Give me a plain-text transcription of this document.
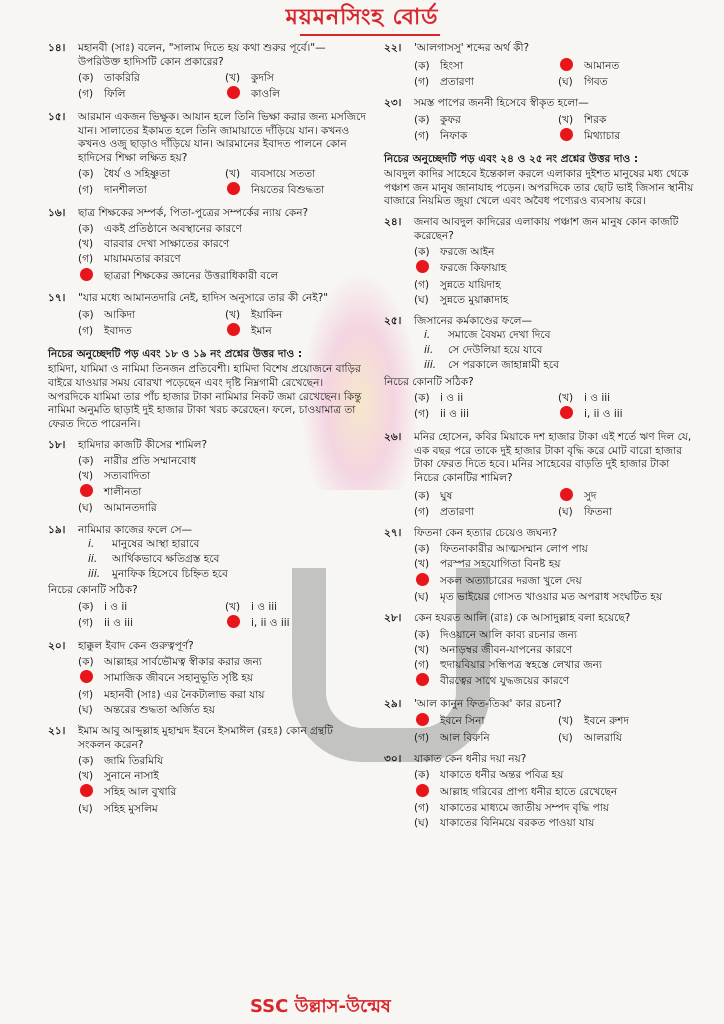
ময়মনসিংহ বোর্ড
১৪।	মহানবী (সাঃ) বলেন, "সালাম দিতে হয় কথা শুরুর পূর্বে।"—উপরিউক্ত হাদিসটি কোন প্রকারের?
(ক) তাকরিরি	(খ)	কুদসি
(গ)	ফিলি	কাওলি
১৫।	আরমান একজন ভিক্ষুক। আযান হলে তিনি ভিক্ষা করার জন্য মসজিদে যান। সালাতের ইকামত হলে তিনি জামায়াতে দাঁড়িয়ে যান। কখনও কখনও ওজু ছাড়াও দাঁড়িয়ে যান। আরমানের ইবাদত পালনে কোন হাদিসের শিক্ষা লক্ষিত হয়?
(ক) ধৈর্য ও সহিষ্ণুতা	(খ)	ব্যবসায়ে সততা
(গ)	দানশীলতা	নিয়তের বিশুদ্ধতা
১৬।	ছাত্র শিক্ষকের সম্পর্ক, পিতা-পুত্রের সম্পর্কের ন্যায় কেন?
(ক) একই প্রতিষ্ঠানে অবস্থানের কারণে
(খ)	বারবার দেখা সাক্ষাতের কারণে
(গ)	মায়ামমতার কারণে
ছাত্ররা শিক্ষকের জ্ঞানের উত্তরাধিকারী বলে
১৭।	"যার মধ্যে আমানতদারি নেই, হাদিস অনুসারে তার কী নেই?"
(ক) আকিদা	(খ)	ইয়াকিন
(গ)	ইবাদত	ইমান
নিচের অনুচ্ছেদটি পড় এবং ১৮ ও ১৯ নং প্রশ্নের উত্তর দাও :
হামিদা, যামিমা ও নামিমা তিনজন প্রতিবেশী। হামিদা বিশেষ প্রয়োজনে বাড়ির বাইরে যাওয়ার সময় বোরখা পড়েছেন এবং দৃষ্টি নিম্নগামী রেখেছেন। অপরদিকে যামিমা তার পাঁচ হাজার টাকা নামিমার নিকট জমা রেখেছেন। কিন্তু নামিমা অনুমতি ছাড়াই দুই হাজার টাকা খরচ করেছেন। ফলে, চাওয়ামাত্র তা ফেরত দিতে পারেননি।
১৮।	হামিদার কাজটি কীসের শামিল?
(ক) নারীর প্রতি সম্মানবোধ
(খ)	সত্যবাদিতা
শালীনতা
(ঘ)	আমানতদারি
১৯।	নামিমার কাজের ফলে সে—
i.	মানুষের আস্থা হারাবে
ii.	আর্থিকভাবে ক্ষতিগ্রস্ত হবে
iii.	মুনাফিক হিসেবে চিহ্নিত হবে
নিচের কোনটি সঠিক?
(ক) i ও ii	(খ)	i ও iii
(গ)	ii ও iii	i, ii ও iii
২০।	হাক্কুল ইবাদ কেন গুরুত্বপূর্ণ?
(ক) আল্লাহর সার্বভৌমত্ব স্বীকার করার জন্য
সামাজিক জীবনে সহানুভূতি সৃষ্টি হয়
(গ)	মহানবী (সাঃ) এর নৈকট্যলাভ করা যায়
(ঘ)	অন্তরের শুদ্ধতা অর্জিত হয়
২১।	ইমাম আবু আব্দুল্লাহ মুহাম্মদ ইবনে ইসমাঈল (রহঃ) কোন গ্রন্থটি সংকলন করেন?
(ক) জামি তিরমিযি
(খ)	সুনানে নাসাই
সহিহ আল বুখারি
(ঘ)	সহিহ মুসলিম
২২।	'আলগাসসু' শব্দের অর্থ কী?
(ক) হিংসা	আমানত
(গ)	প্রতারণা	(ঘ)	গিবত
২৩।	সমস্ত পাপের জননী হিসেবে স্বীকৃত হলো—
(ক) কুফর	(খ)	শিরক
(গ)	নিফাক	মিথ্যাচার
নিচের অনুচ্ছেদটি পড় এবং ২৪ ও ২৫ নং প্রশ্নের উত্তর দাও :
আবদুল কাদির সাহেবে ইন্তেকাল করলে এলাকার দুইশত মানুষের মধ্য থেকে পঞ্চাশ জন মানুষ জানাযাহ পড়েন। অপরদিকে তার ছোট ভাই জিসান স্থানীয় বাজারে নিয়মিত জুয়া খেলে এবং অবৈধ পণ্যেরও ব্যবসায় করে।
২৪।	জনাব আবদুল কাদিরের এলাকায় পঞ্চাশ জন মানুষ কোন কাজটি করেছেন?
(ক) ফরজে আইন
ফরজে কিফায়াহ
(গ)	সুন্নতে যায়িদাহ
(ঘ)	সুন্নতে মুয়াক্কাদাহ
২৫।	জিসানের কর্মকাণ্ডের ফলে—
i.	সমাজে বৈষম্য দেখা দিবে
ii.	সে দেউলিয়া হয়ে যাবে
iii.	সে পরকালে জাহান্নামী হবে
নিচের কোনটি সঠিক?
(ক) i ও ii	(খ)	i ও iii
(গ)	ii ও iii	i, ii ও iii
২৬।	মনির হোসেন, কবির মিয়াকে দশ হাজার টাকা এই শর্তে ঋণ দিল যে, এক বছর পরে তাকে দুই হাজার টাকা বৃদ্ধি করে মোট বারো হাজার টাকা ফেরত দিতে হবে। মনির সাহেবের বাড়তি দুই হাজার টাকা নিচের কোনটির শামিল?
(ক) ঘুষ	সুদ
(গ)	প্রতারণা	(ঘ)	ফিতনা
২৭।	ফিতনা কেন হত্যার চেয়েও জঘন্য?
(ক) ফিতনাকারীর আত্মসম্মান লোপ পায়
(খ)	পরস্পর সহযোগিতা বিনষ্ট হয়
সকল অত্যাচারের দরজা খুলে দেয়
(ঘ)	মৃত ভাইয়ের গোসত খাওয়ার মত অপরাধ সংঘটিত হয়
২৮।	কেন হযরত আলি (রাঃ) কে আসাদুল্লাহ বলা হয়েছে?
(ক) দিওয়ানে আলি কাব্য রচনার জন্য
(খ)	অনাড়ম্বর জীবন-যাপনের কারণে
(গ)	হুদায়বিয়ার সন্ধিপত্র স্বহস্তে লেখার জন্য
বীরত্বের সাথে যুদ্ধজয়ের কারণে
২৯।	'আল কানুন ফিত-তিব্ব' কার রচনা?
ইবনে সিনা	(খ)	ইবনে রুশদ
(গ)	আল বিরুনি	(ঘ)	আলরাযি
৩০।	যাকাত কেন ধনীর দয়া নয়?
(ক) যাকাতে ধনীর অন্তর পবিত্র হয়
আল্লাহ গরিবের প্রাপ্য ধনীর হাতে রেখেছেন
(গ)	যাকাতের মাধ্যমে জাতীয় সম্পদ বৃদ্ধি পায়
(ঘ)	যাকাতের বিনিময়ে বরকত পাওয়া যায়
SSC উল্লাস-উন্মেষ
